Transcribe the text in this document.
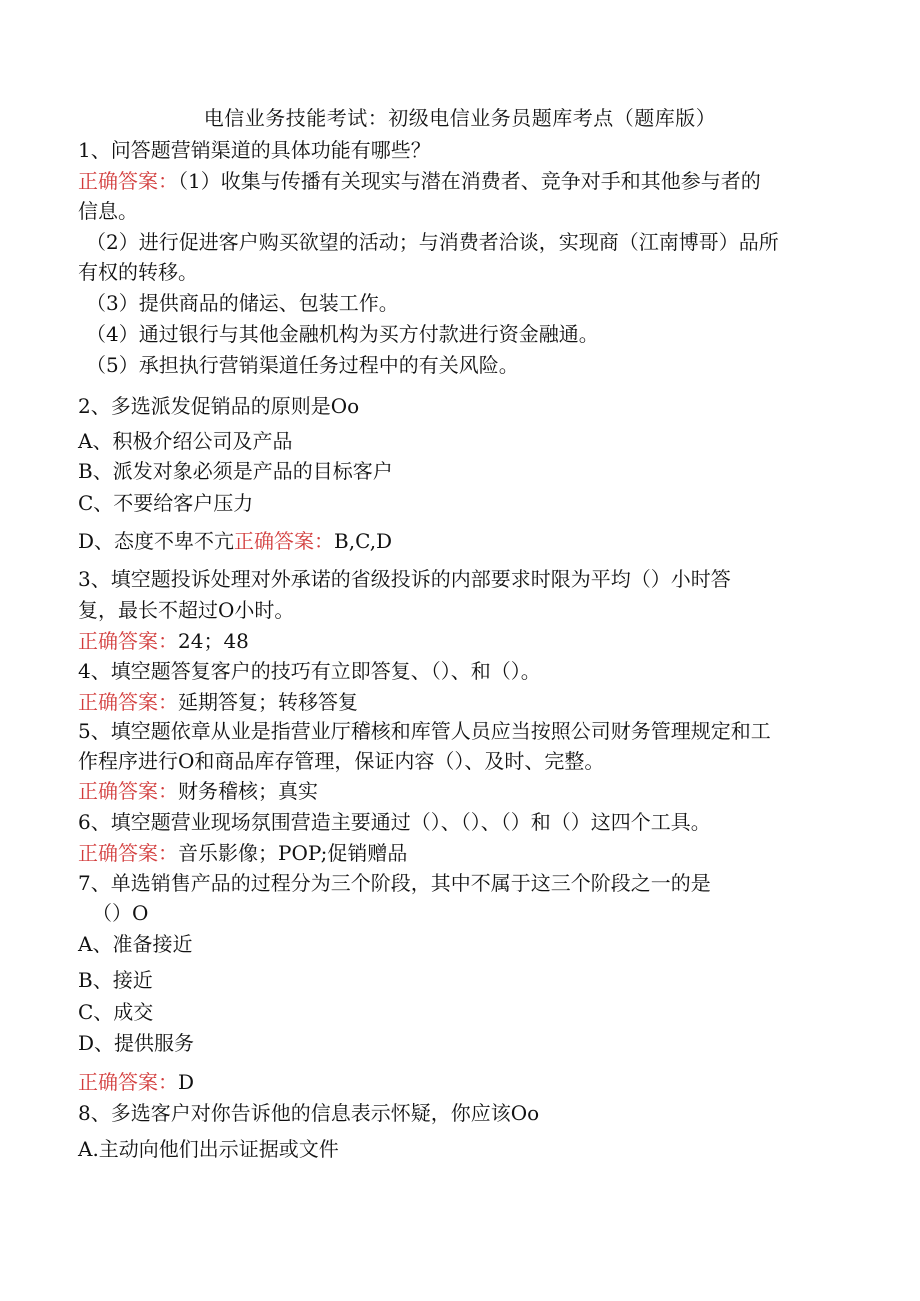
电信业务技能考试：初级电信业务员题库考点（题库版）
1、问答题营销渠道的具体功能有哪些？
正确答案：（1）收集与传播有关现实与潜在消费者、竞争对手和其他参与者的
信息。
（2）进行促进客户购买欲望的活动；与消费者洽谈，实现商（江南博哥）品所
有权的转移。
（3）提供商品的储运、包装工作。
（4）通过银行与其他金融机构为买方付款进行资金融通。
（5）承担执行营销渠道任务过程中的有关风险。
2、多选派发促销品的原则是Oo
A、积极介绍公司及产品
B、派发对象必须是产品的目标客户
C、不要给客户压力
D、态度不卑不亢正确答案：B,C,D
3、填空题投诉处理对外承诺的省级投诉的内部要求时限为平均（）小时答
复，最长不超过O小时。
正确答案：24；48
4、填空题答复客户的技巧有立即答复、（）、和（）。
正确答案：延期答复；转移答复
5、填空题依章从业是指营业厅稽核和库管人员应当按照公司财务管理规定和工
作程序进行O和商品库存管理，保证内容（）、及时、完整。
正确答案：财务稽核；真实
6、填空题营业现场氛围营造主要通过（）、（）、（）和（）这四个工具。
正确答案：音乐影像；POP;促销赠品
7、单选销售产品的过程分为三个阶段，其中不属于这三个阶段之一的是
（）O
A、准备接近
B、接近
C、成交
D、提供服务
正确答案：D
8、多选客户对你告诉他的信息表示怀疑，你应该Oo
A.主动向他们出示证据或文件
